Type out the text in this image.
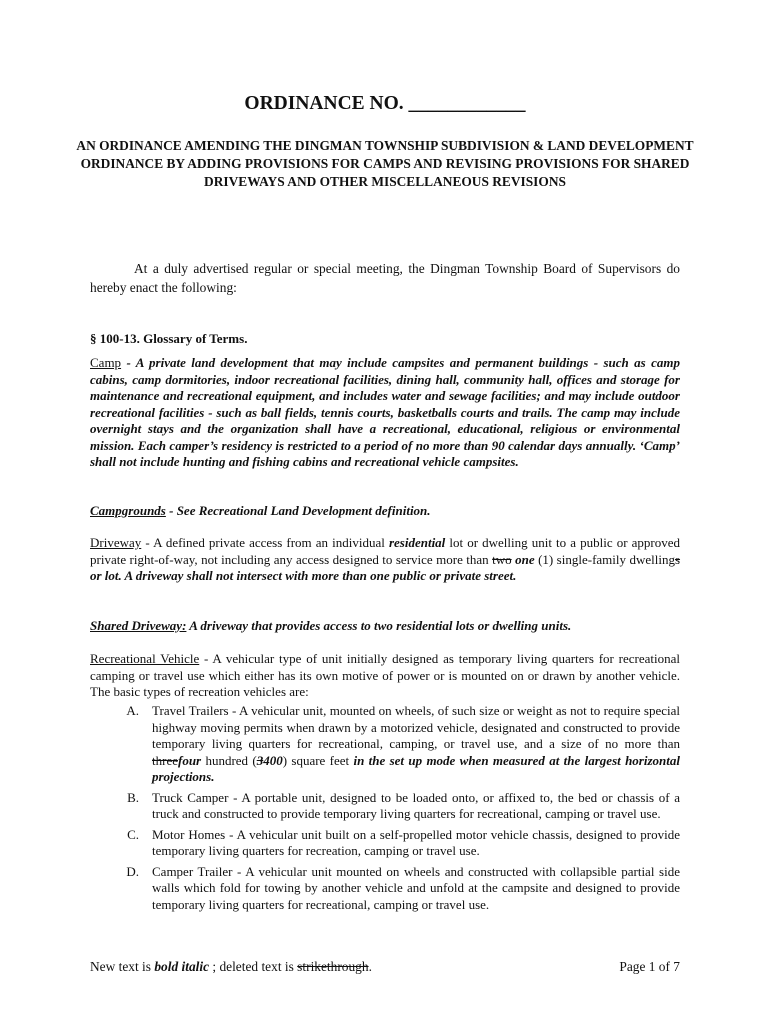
ORDINANCE NO. ____________
AN ORDINANCE AMENDING THE DINGMAN TOWNSHIP SUBDIVISION & LAND DEVELOPMENT ORDINANCE BY ADDING PROVISIONS FOR CAMPS AND REVISING PROVISIONS FOR SHARED DRIVEWAYS AND OTHER MISCELLANEOUS REVISIONS
At a duly advertised regular or special meeting, the Dingman Township Board of Supervisors do hereby enact the following:
§ 100-13. Glossary of Terms.
Camp - A private land development that may include campsites and permanent buildings - such as camp cabins, camp dormitories, indoor recreational facilities, dining hall, community hall, offices and storage for maintenance and recreational equipment, and includes water and sewage facilities; and may include outdoor recreational facilities - such as ball fields, tennis courts, basketballs courts and trails. The camp may include overnight stays and the organization shall have a recreational, educational, religious or environmental mission. Each camper’s residency is restricted to a period of no more than 90 calendar days annually. ‘Camp’ shall not include hunting and fishing cabins and recreational vehicle campsites.
Campgrounds - See Recreational Land Development definition.
Driveway - A defined private access from an individual residential lot or dwelling unit to a public or approved private right-of-way, not including any access designed to service more than two one (1) single-family dwellings or lot. A driveway shall not intersect with more than one public or private street.
Shared Driveway: A driveway that provides access to two residential lots or dwelling units.
Recreational Vehicle - A vehicular type of unit initially designed as temporary living quarters for recreational camping or travel use which either has its own motive of power or is mounted on or drawn by another vehicle. The basic types of recreation vehicles are:
A.	Travel Trailers - A vehicular unit, mounted on wheels, of such size or weight as not to require special highway moving permits when drawn by a motorized vehicle, designated and constructed to provide temporary living quarters for recreational, camping, or travel use, and a size of no more than threefour hundred (3400) square feet in the set up mode when measured at the largest horizontal projections.
B.	Truck Camper - A portable unit, designed to be loaded onto, or affixed to, the bed or chassis of a truck and constructed to provide temporary living quarters for recreational, camping or travel use.
C.	Motor Homes - A vehicular unit built on a self-propelled motor vehicle chassis, designed to provide temporary living quarters for recreation, camping or travel use.
D.	Camper Trailer - A vehicular unit mounted on wheels and constructed with collapsible partial side walls which fold for towing by another vehicle and unfold at the campsite and designed to provide temporary living quarters for recreational, camping or travel use.
New text is bold italic ; deleted text is strikethrough.	Page 1 of 7
